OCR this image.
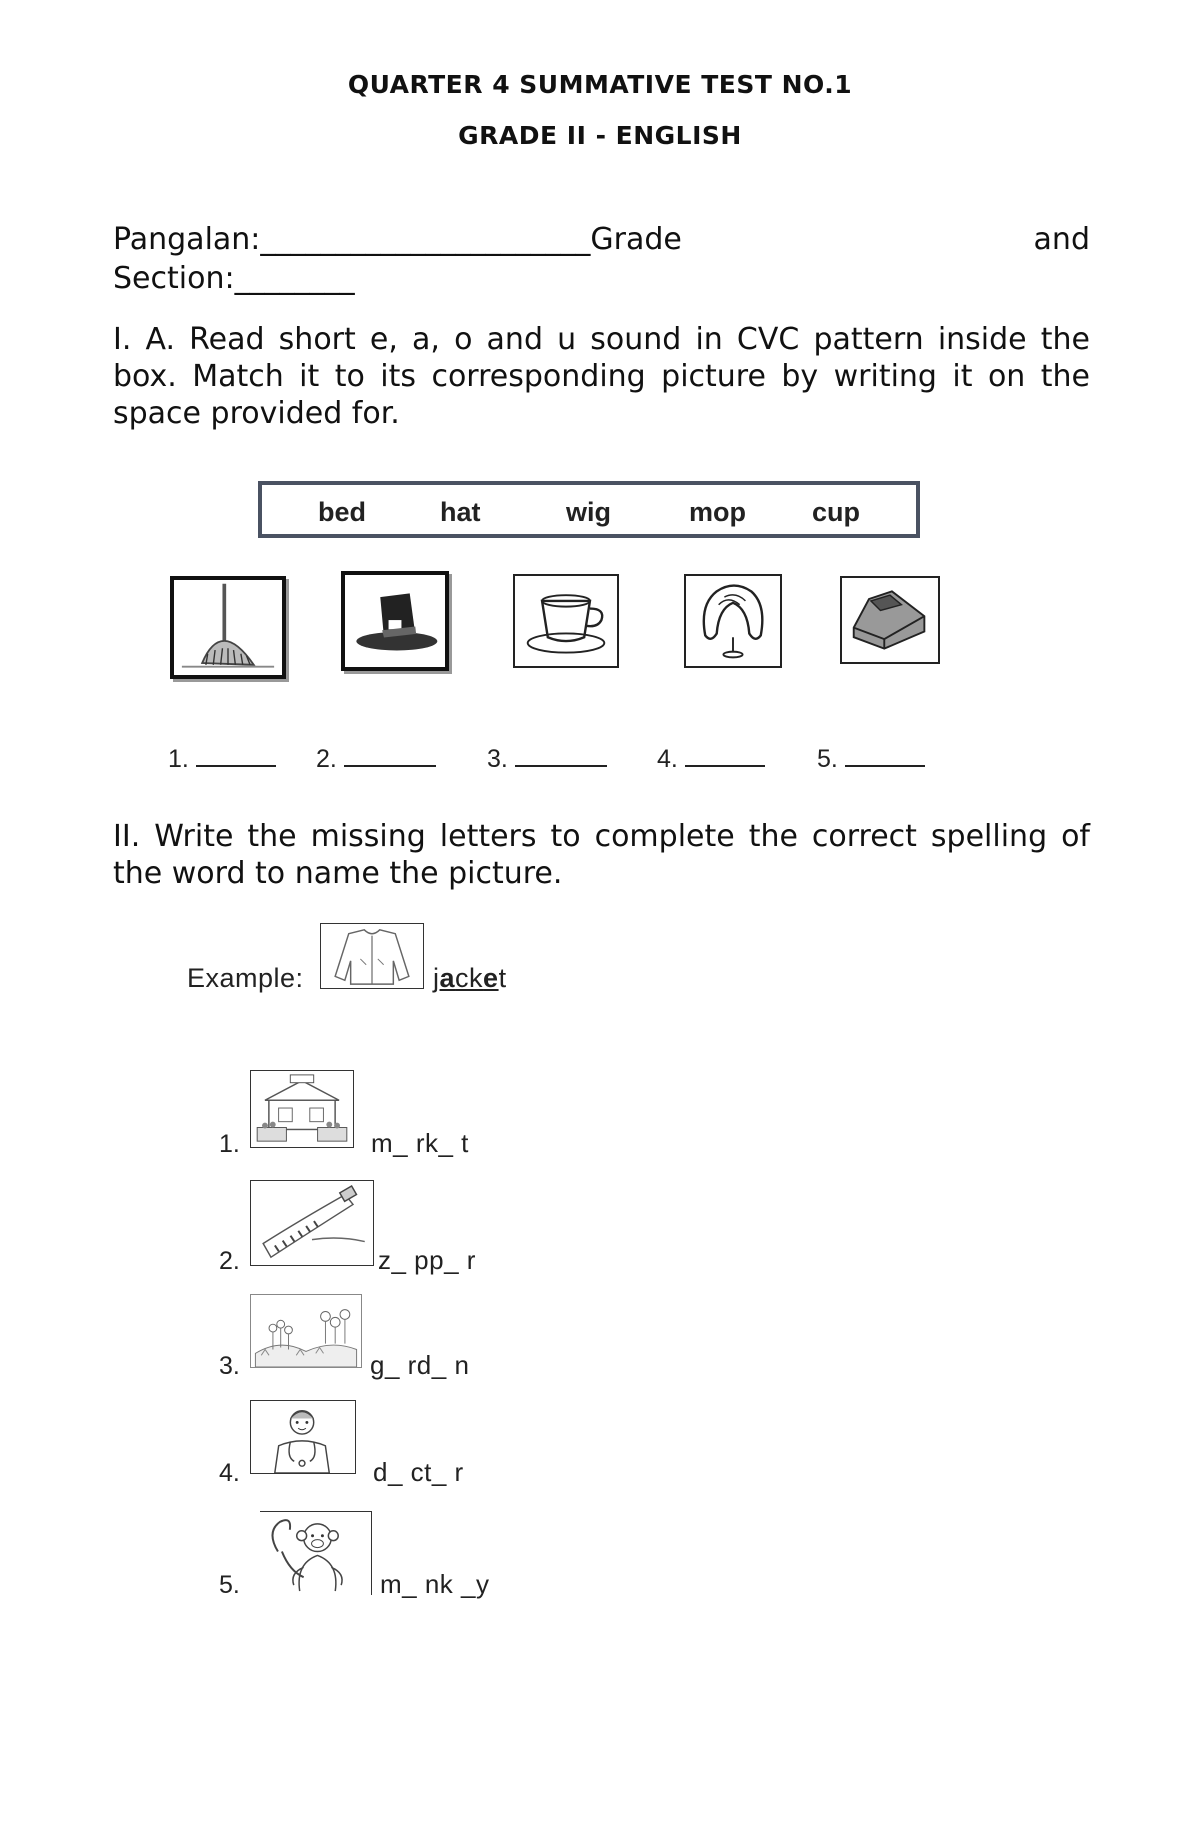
QUARTER 4 SUMMATIVE TEST NO.1
GRADE II - ENGLISH
Pangalan:______________________Grade	and
Section:________
I. A. Read short e, a, o and u sound in CVC pattern inside the box. Match it to its corresponding picture by writing it on the space provided for.
bed	hat	wig	mop cup
1.	2.	3.	4.	5.
II. Write the missing letters to complete the correct spelling of the word to name the picture.
Example:	jacket
1.	m_ rk_ t
2.	z_ pp_ r
3.	g_ rd_ n
4.	d_ ct_ r
5.	m_ nk _y
